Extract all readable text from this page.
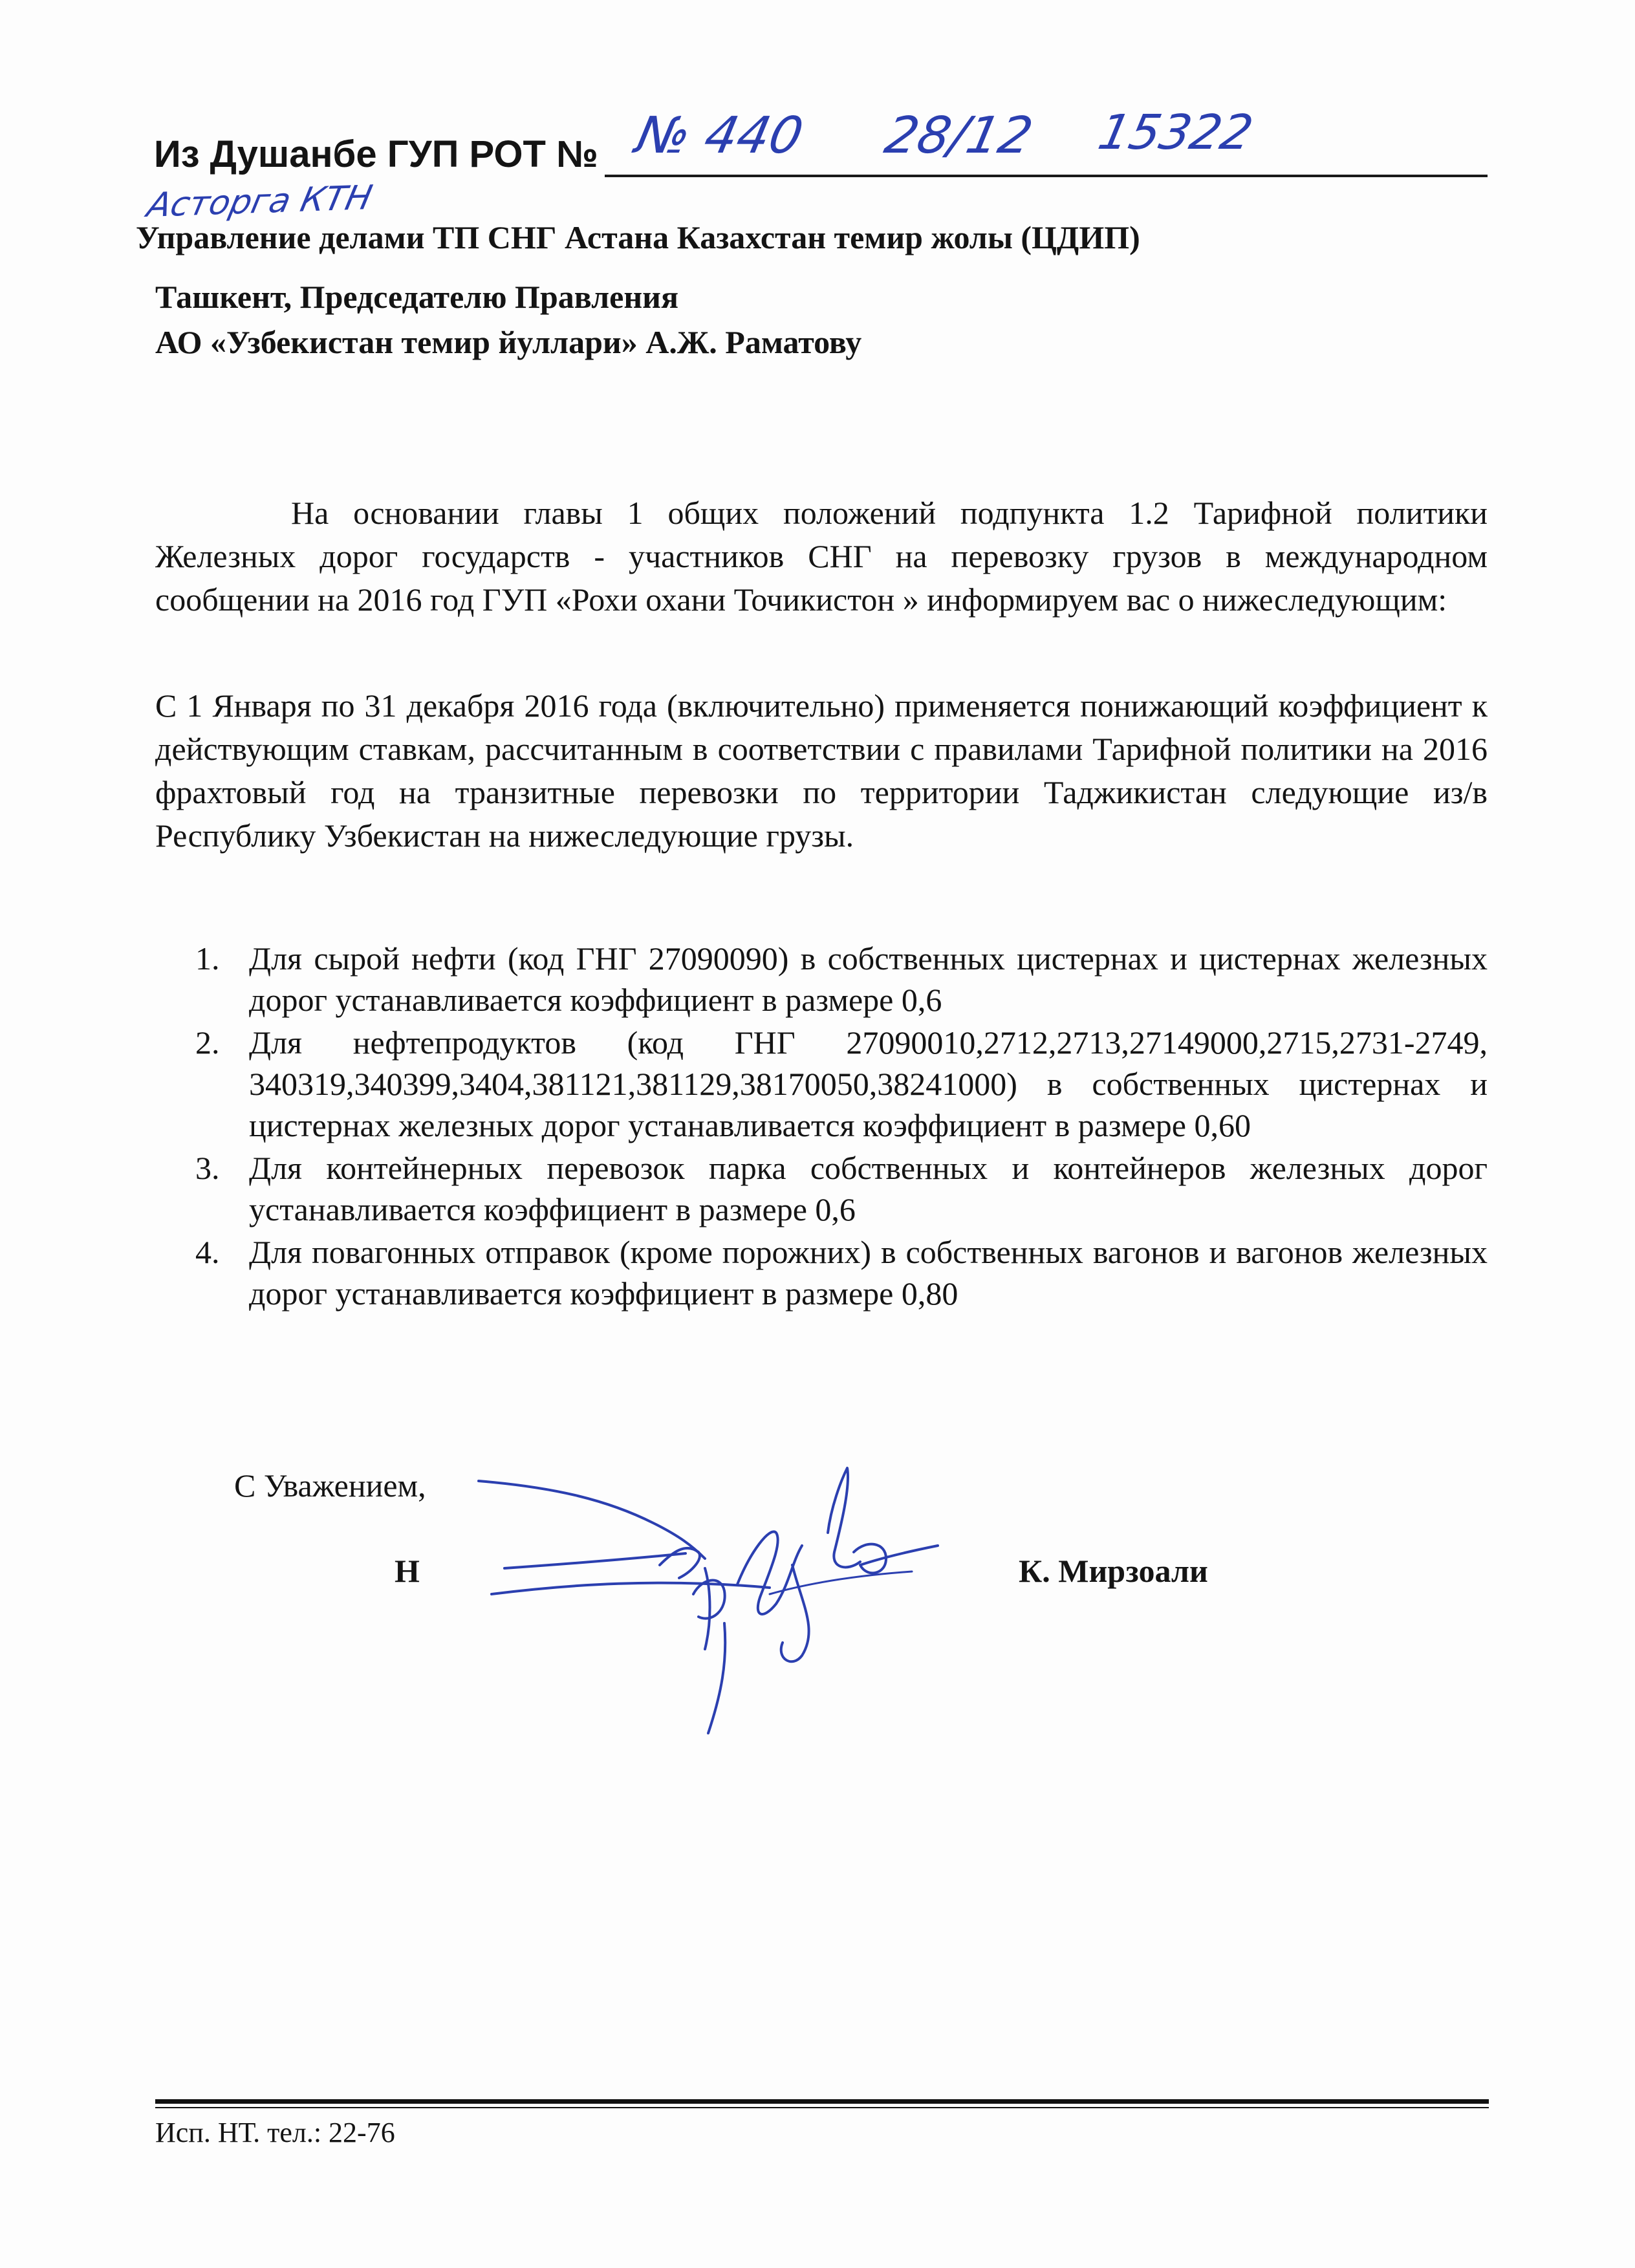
Из Душанбе ГУП РОТ № № 440 28/12 15322
Асторга КТН
Управление делами ТП СНГ Астана Казахстан темир жолы (ЦДИП)
Ташкент, Председателю Правления
АО «Узбекистан темир йуллари» А.Ж. Раматову
На основании главы 1 общих положений подпункта 1.2 Тарифной политики Железных дорог государств - участников СНГ на перевозку грузов в международном сообщении на 2016 год ГУП «Рохи охани Точикистон » информируем вас о нижеследующим:
С 1 Января по 31 декабря 2016 года (включительно) применяется понижающий коэффициент к действующим ставкам, рассчитанным в соответствии с правилами Тарифной политики на 2016 фрахтовый год на транзитные перевозки по территории Таджикистан следующие из/в Республику Узбекистан на нижеследующие грузы.
1. Для сырой нефти (код ГНГ 27090090) в собственных цистернах и цистернах железных дорог устанавливается коэффициент в размере 0,6
2. Для нефтепродуктов (код ГНГ 27090010,2712,2713,27149000,2715,2731-2749, 340319,340399,3404,381121,381129,38170050,38241000) в собственных цистернах и цистернах железных дорог устанавливается коэффициент в размере 0,60
3. Для контейнерных перевозок парка собственных и контейнеров железных дорог устанавливается коэффициент в размере 0,6
4. Для повагонных отправок (кроме порожних) в собственных вагонов и вагонов железных дорог устанавливается коэффициент в размере 0,80
С Уважением,
Н	К. Мирзоали
Исп. НТ. тел.: 22-76
